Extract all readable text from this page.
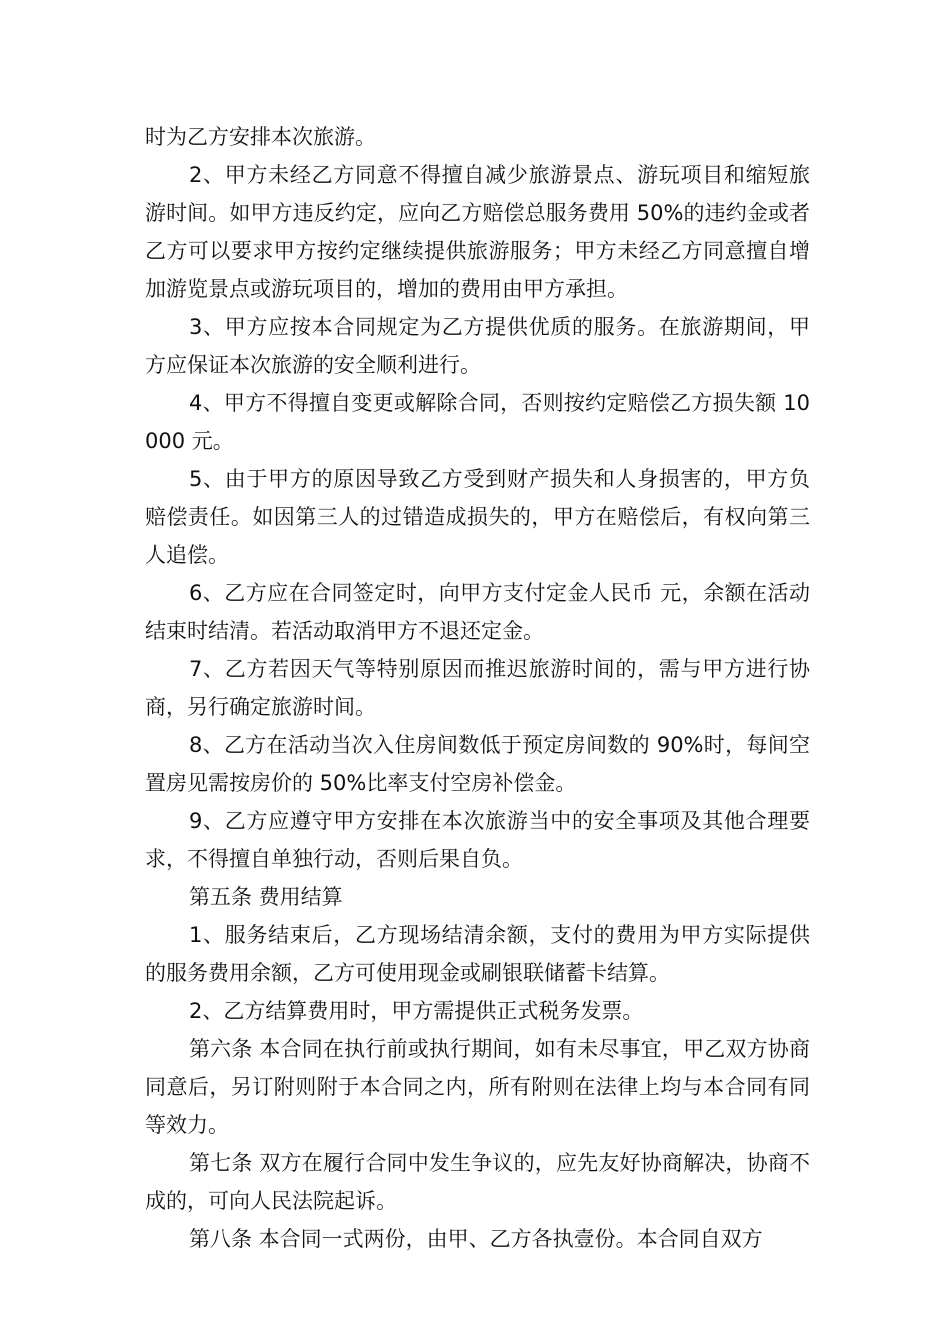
时为乙方安排本次旅游。

2、甲方未经乙方同意不得擅自减少旅游景点、游玩项目和缩短旅游时间。如甲方违反约定，应向乙方赔偿总服务费用 50%的违约金或者乙方可以要求甲方按约定继续提供旅游服务；甲方未经乙方同意擅自增加游览景点或游玩项目的，增加的费用由甲方承担。

3、甲方应按本合同规定为乙方提供优质的服务。在旅游期间，甲方应保证本次旅游的安全顺利进行。

4、甲方不得擅自变更或解除合同，否则按约定赔偿乙方损失额 10000 元。

5、由于甲方的原因导致乙方受到财产损失和人身损害的，甲方负赔偿责任。如因第三人的过错造成损失的，甲方在赔偿后，有权向第三人追偿。

6、乙方应在合同签定时，向甲方支付定金人民币 元，余额在活动结束时结清。若活动取消甲方不退还定金。

7、乙方若因天气等特别原因而推迟旅游时间的，需与甲方进行协商，另行确定旅游时间。

8、乙方在活动当次入住房间数低于预定房间数的 90%时，每间空置房见需按房价的 50%比率支付空房补偿金。

9、乙方应遵守甲方安排在本次旅游当中的安全事项及其他合理要求，不得擅自单独行动，否则后果自负。

第五条 费用结算

1、服务结束后，乙方现场结清余额，支付的费用为甲方实际提供的服务费用余额，乙方可使用现金或刷银联储蓄卡结算。

2、乙方结算费用时，甲方需提供正式税务发票。

第六条 本合同在执行前或执行期间，如有未尽事宜，甲乙双方协商同意后，另订附则附于本合同之内，所有附则在法律上均与本合同有同等效力。

第七条 双方在履行合同中发生争议的，应先友好协商解决，协商不成的，可向人民法院起诉。

第八条 本合同一式两份，由甲、乙方各执壹份。本合同自双方
